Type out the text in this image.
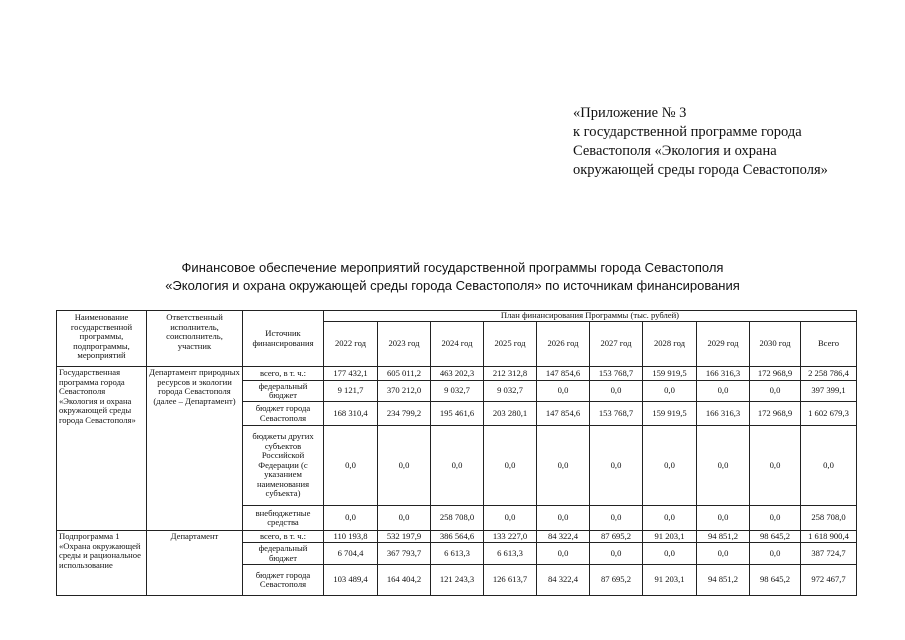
«Приложение № 3
к государственной программе города
Севастополя «Экология и охрана
окружающей среды города Севастополя»
Финансовое обеспечение мероприятий государственной программы города Севастополя
«Экология и охрана окружающей среды города Севастополя» по источникам финансирования
Наименование государственной программы, подпрограммы, мероприятий	Ответственный исполнитель, соисполнитель, участник	Источник финансирования	План финансирования Программы (тыс. рублей)									
			2022 год	2023 год	2024 год	2025 год	2026 год	2027 год	2028 год	2029 год	2030 год	Всего
Государственная программа города Севастополя «Экология и охрана окружающей среды города Севастополя»	Департамент природных ресурсов и экологии города Севастополя (далее – Департамент)	всего, в т. ч.:	177 432,1	605 011,2	463 202,3	212 312,8	147 854,6	153 768,7	159 919,5	166 316,3	172 968,9	2 258 786,4
		федеральный бюджет	9 121,7	370 212,0	9 032,7	9 032,7	0,0	0,0	0,0	0,0	0,0	397 399,1
		бюджет города Севастополя	168 310,4	234 799,2	195 461,6	203 280,1	147 854,6	153 768,7	159 919,5	166 316,3	172 968,9	1 602 679,3
		бюджеты других субъектов Российской Федерации (с указанием наименования субъекта)	0,0	0,0	0,0	0,0	0,0	0,0	0,0	0,0	0,0	0,0
		внебюджетные средства	0,0	0,0	258 708,0	0,0	0,0	0,0	0,0	0,0	0,0	258 708,0
Подпрограмма 1 «Охрана окружающей среды и рациональное использование	Департамент	всего, в т. ч.:	110 193,8	532 197,9	386 564,6	133 227,0	84 322,4	87 695,2	91 203,1	94 851,2	98 645,2	1 618 900,4
		федеральный бюджет	6 704,4	367 793,7	6 613,3	6 613,3	0,0	0,0	0,0	0,0	0,0	387 724,7
		бюджет города Севастополя	103 489,4	164 404,2	121 243,3	126 613,7	84 322,4	87 695,2	91 203,1	94 851,2	98 645,2	972 467,7
